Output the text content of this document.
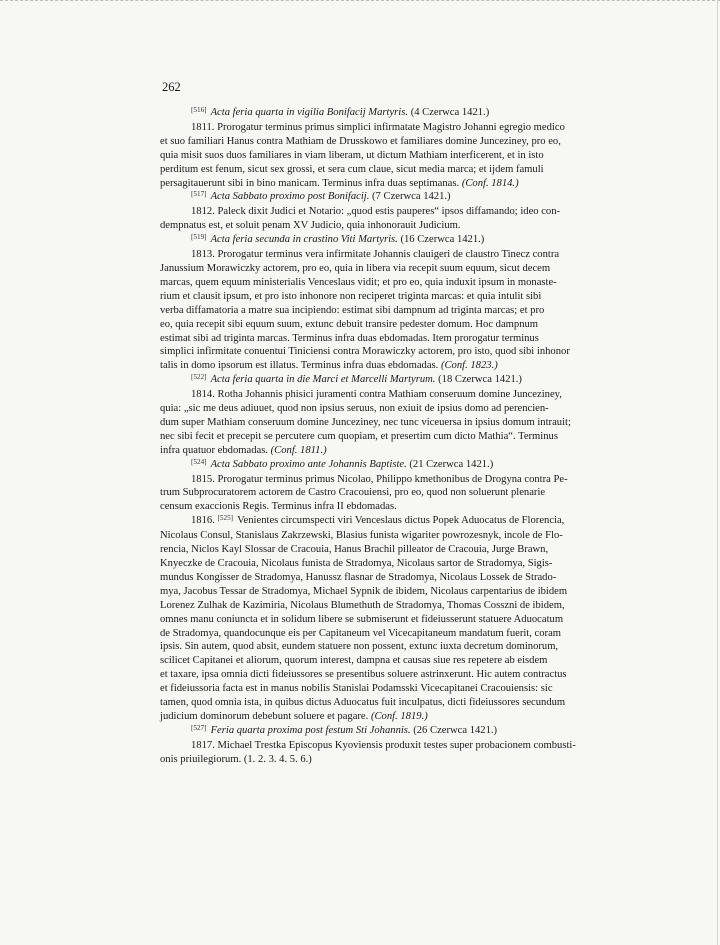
262

[516] Acta feria quarta in vigilia Bonifacij Martyris. (4 Czerwca 1421.)

1811. Prorogatur terminus primus simplici infirmatate Magistro Johanni egregio medico

et suo familiari Hanus contra Mathiam de Drusskowo et familiares domine Junceziney, pro eo,

quia misit suos duos familiares in viam liberam, ut dictum Mathiam interficerent, et in isto

perditum est fenum, sicut sex grossi, et sera cum claue, sicut media marca; et ijdem famuli

persagitauerunt sibi in bino manicam. Terminus infra duas septimanas. (Conf. 1814.)

[517] Acta Sabbato proximo post Bonifacij. (7 Czerwca 1421.)

1812. Paleck dixit Judici et Notario: „quod estis pauperes“ ipsos diffamando; ideo con-

dempnatus est, et soluit penam XV Judicio, quia inhonorauit Judicium.

[519] Acta feria secunda in crastino Viti Martyris. (16 Czerwca 1421.)

1813. Prorogatur terminus vera infirmitate Johannis clauigeri de claustro Tinecz contra

Janussium Morawiczky actorem, pro eo, quia in libera via recepit suum equum, sicut decem

marcas, quem equum ministerialis Venceslaus vidit; et pro eo, quia induxit ipsum in monaste-

rium et clausit ipsum, et pro isto inhonore non reciperet triginta marcas: et quia intulit sibi

verba diffamatoria a matre sua incipiendo: estimat sibi dampnum ad triginta marcas; et pro

eo, quia recepit sibi equum suum, extunc debuit transire pedester domum. Hoc dampnum

estimat sibi ad triginta marcas. Terminus infra duas ebdomadas. Item prorogatur terminus

simplici infirmitate conuentui Tiniciensi contra Morawiczky actorem, pro isto, quod sibi inhonor

talis in domo ipsorum est illatus. Terminus infra duas ebdomadas. (Conf. 1823.)

[522] Acta feria quarta in die Marci et Marcelli Martyrum. (18 Czerwca 1421.)

1814. Rotha Johannis phisici juramenti contra Mathiam conseruum domine Junceziney,

quia: „sic me deus adiuuet, quod non ipsius seruus, non exiuit de ipsius domo ad perencien-

dum super Mathiam conseruum domine Junceziney, nec tunc viceuersa in ipsius domum intrauit;

nec sibi fecit et precepit se percutere cum quopiam, et presertim cum dicto Mathia“. Terminus

infra quatuor ebdomadas. (Conf. 1811.)

[524] Acta Sabbato proximo ante Johannis Baptiste. (21 Czerwca 1421.)

1815. Prorogatur terminus primus Nicolao, Philippo kmethonibus de Drogyna contra Pe-

trum Subprocuratorem actorem de Castro Cracouiensi, pro eo, quod non soluerunt plenarie

censum exaccionis Regis. Terminus infra II ebdomadas.

1816. [525] Venientes circumspecti viri Venceslaus dictus Popek Aduocatus de Florencia,

Nicolaus Consul, Stanislaus Zakrzewski, Blasius funista wigariter powrozesnyk, incole de Flo-

rencia, Niclos Kayl Slossar de Cracouia, Hanus Brachil pilleator de Cracouia, Jurge Brawn,

Knyeczke de Cracouia, Nicolaus funista de Stradomya, Nicolaus sartor de Stradomya, Sigis-

mundus Kongisser de Stradomya, Hanussz flasnar de Stradomya, Nicolaus Lossek de Strado-

mya, Jacobus Tessar de Stradomya, Michael Sypnik de ibidem, Nicolaus carpentarius de ibidem

Lorenez Zulhak de Kazimiria, Nicolaus Blumethuth de Stradomya, Thomas Cosszni de ibidem,

omnes manu coniuncta et in solidum libere se submiserunt et fideiusserunt statuere Aduocatum

de Stradomya, quandocunque eis per Capitaneum vel Vicecapitaneum mandatum fuerit, coram

ipsis. Sin autem, quod absit, eundem statuere non possent, extunc iuxta decretum dominorum,

scilicet Capitanei et aliorum, quorum interest, dampna et causas siue res repetere ab eisdem

et taxare, ipsa omnia dicti fideiussores se presentibus soluere astrinxerunt. Hic autem contractus

et fideiussoria facta est in manus nobilis Stanislai Podamsski Vicecapitanei Cracouiensis: sic

tamen, quod omnia ista, in quibus dictus Aduocatus fuit inculpatus, dicti fideiussores secundum

judicium dominorum debebunt soluere et pagare. (Conf. 1819.)

[527] Feria quarta proxima post festum Sti Johannis. (26 Czerwca 1421.)

1817. Michael Trestka Episcopus Kyoviensis produxit testes super probacionem combusti-

onis priuilegiorum. (1. 2. 3. 4. 5. 6.)
